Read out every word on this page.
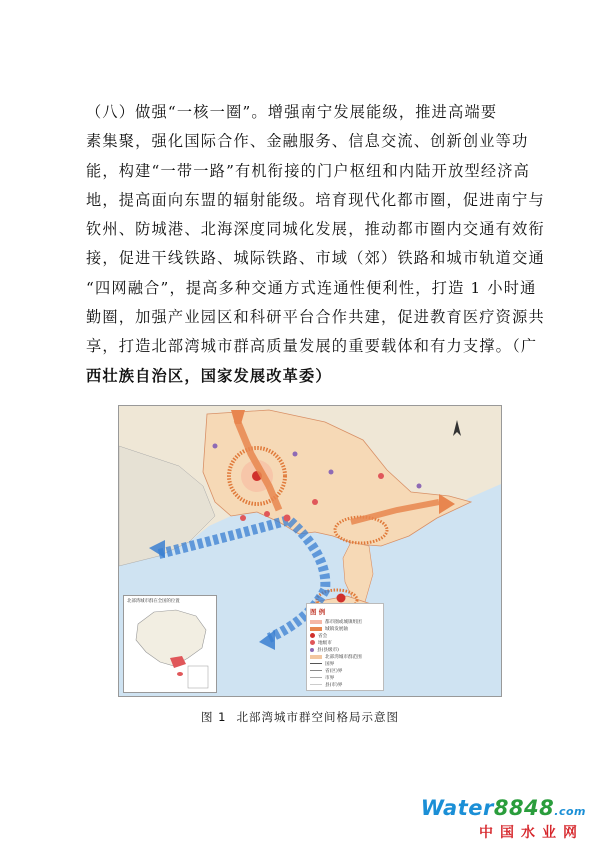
（八）做强“一核一圈”。增强南宁发展能级，推进高端要
素集聚，强化国际合作、金融服务、信息交流、创新创业等功
能，构建“一带一路”有机衔接的门户枢纽和内陆开放型经济高
地，提高面向东盟的辐射能级。培育现代化都市圈，促进南宁与
钦州、防城港、北海深度同城化发展，推动都市圈内交通有效衔
接，促进干线铁路、城际铁路、市域（郊）铁路和城市轨道交通
“四网融合”，提高多种交通方式连通性便利性，打造 1 小时通
勤圈，加强产业园区和科研平台合作共建，促进教育医疗资源共
享，打造北部湾城市群高质量发展的重要载体和有力支撑。（广
西壮族自治区，国家发展改革委）
图 例
都市圈或城镇组团
城镇发展轴
省会
地级市
县(县级市)
北部湾城市群范围
国界
省(区)界
市界
县(市)界
北部湾城市群在全国的位置
图 1 北部湾城市群空间格局示意图
Water8848.com
中国水业网
